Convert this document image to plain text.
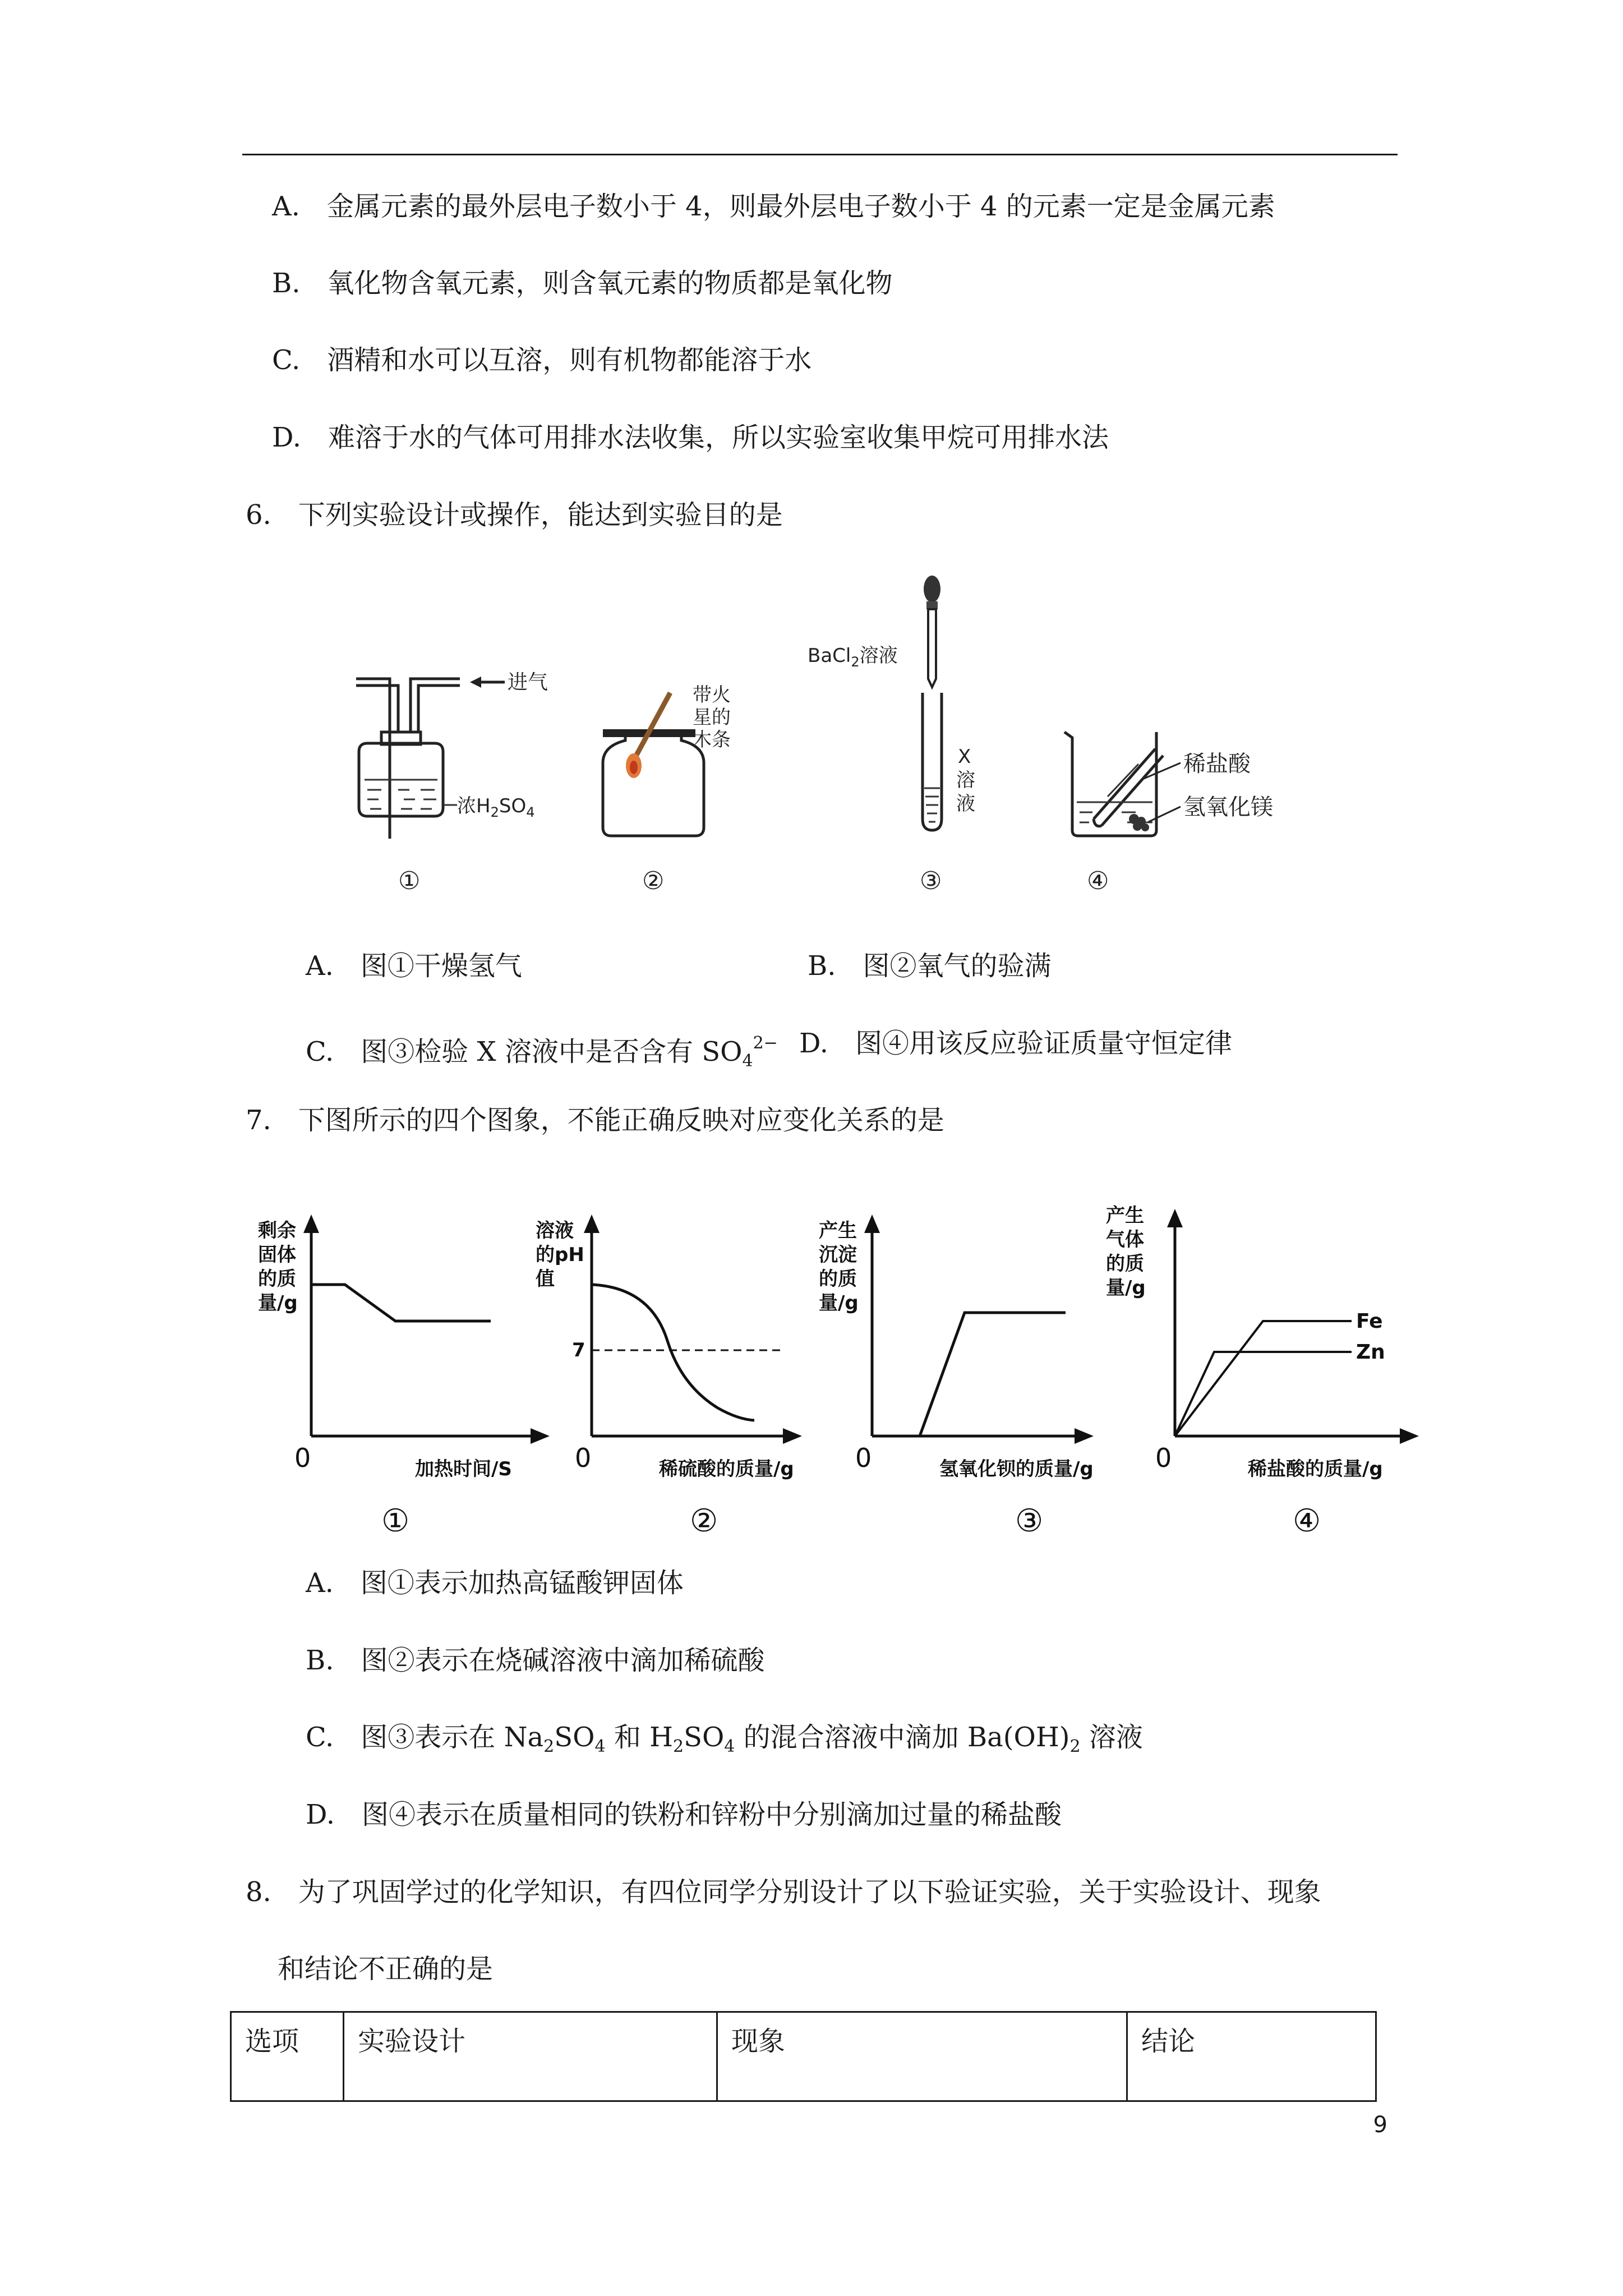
A.　金属元素的最外层电子数小于 4，则最外层电子数小于 4 的元素一定是金属元素
B.　氧化物含氧元素，则含氧元素的物质都是氧化物
C.　酒精和水可以互溶，则有机物都能溶于水
D.　难溶于水的气体可用排水法收集，所以实验室收集甲烷可用排水法
6.　下列实验设计或操作，能达到实验目的是
进气
浓$H_2SO_4$
①
带火
星的
木条
②
BaCl$_2$溶液
X
溶
液
③
稀盐酸
氢氧化镁
④
A.　图①干燥氢气	B.　图②氧气的验满
C.　图③检验 X 溶液中是否含有 $SO_4^{2-}$ D.　图④用该反应验证质量守恒定律
7.　下图所示的四个图象，不能正确反映对应变化关系的是
剩余
固体
的质
量/g
0	加热时间/S
①
溶液
的pH
值
7
0	稀硫酸的质量/g
②
产生
沉淀
的质
量/g
0	氢氧化钡的质量/g
③
产生
气体
的质
量/g
Fe
Zn
0	稀盐酸的质量/g
④
A.　图①表示加热高锰酸钾固体
B.　图②表示在烧碱溶液中滴加稀硫酸
C.　图③表示在 $Na_2SO_4$ 和 $H_2SO_4$ 的混合溶液中滴加 $Ba(OH)_2$ 溶液
D.　图④表示在质量相同的铁粉和锌粉中分别滴加过量的稀盐酸
8.　为了巩固学过的化学知识，有四位同学分别设计了以下验证实验，关于实验设计、现象
和结论不正确的是
选项	实验设计	现象	结论
9
